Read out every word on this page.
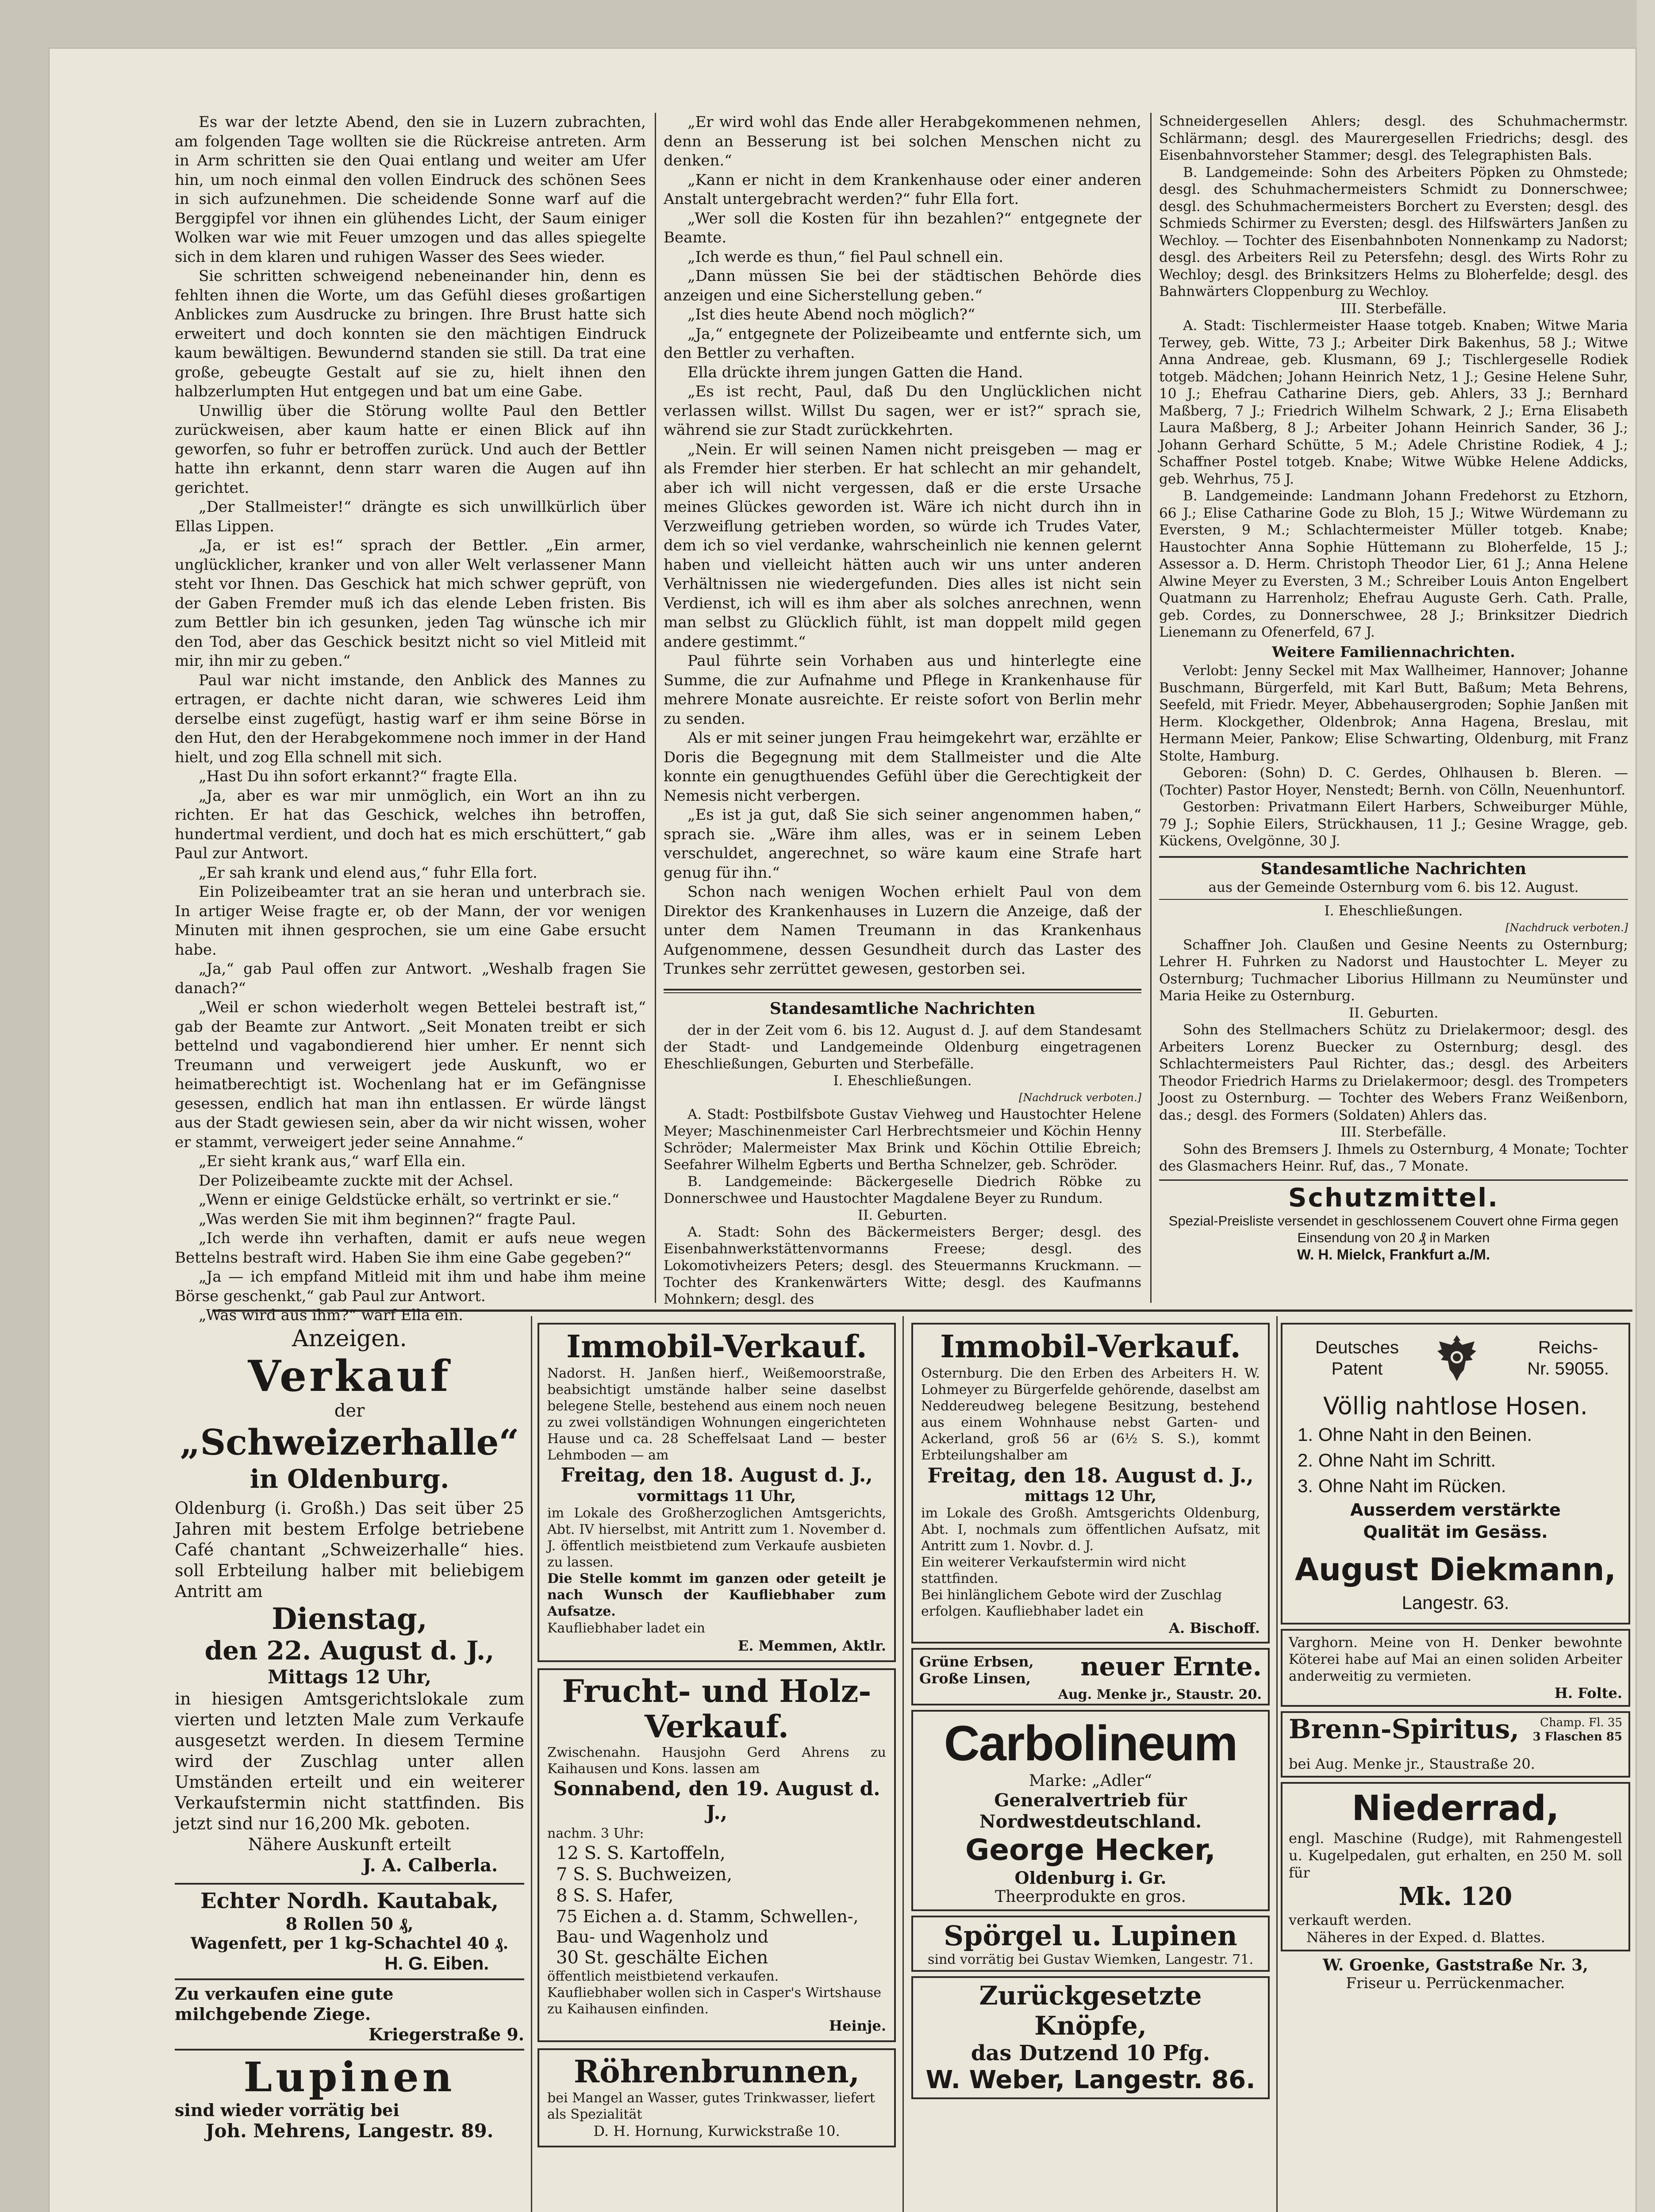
Es war der letzte Abend, den sie in Luzern zubrachten, am folgenden Tage wollten sie die Rückreise antreten. Arm in Arm schritten sie den Quai entlang und weiter am Ufer hin, um noch einmal den vollen Eindruck des schönen Sees in sich aufzunehmen. Die scheidende Sonne warf auf die Berggipfel vor ihnen ein glühendes Licht, der Saum einiger Wolken war wie mit Feuer umzogen und das alles spiegelte sich in dem klaren und ruhigen Wasser des Sees wieder.

Sie schritten schweigend nebeneinander hin, denn es fehlten ihnen die Worte, um das Gefühl dieses großartigen Anblickes zum Ausdrucke zu bringen. Ihre Brust hatte sich erweitert und doch konnten sie den mächtigen Eindruck kaum bewältigen. Bewundernd standen sie still. Da trat eine große, gebeugte Gestalt auf sie zu, hielt ihnen den halbzerlumpten Hut entgegen und bat um eine Gabe.

Unwillig über die Störung wollte Paul den Bettler zurückweisen, aber kaum hatte er einen Blick auf ihn geworfen, so fuhr er betroffen zurück. Und auch der Bettler hatte ihn erkannt, denn starr waren die Augen auf ihn gerichtet.

„Der Stallmeister!“ drängte es sich unwillkürlich über Ellas Lippen.

„Ja, er ist es!“ sprach der Bettler. „Ein armer, unglücklicher, kranker und von aller Welt verlassener Mann steht vor Ihnen. Das Geschick hat mich schwer geprüft, von der Gaben Fremder muß ich das elende Leben fristen. Bis zum Bettler bin ich gesunken, jeden Tag wünsche ich mir den Tod, aber das Geschick besitzt nicht so viel Mitleid mit mir, ihn mir zu geben.“

Paul war nicht imstande, den Anblick des Mannes zu ertragen, er dachte nicht daran, wie schweres Leid ihm derselbe einst zugefügt, hastig warf er ihm seine Börse in den Hut, den der Herabgekommene noch immer in der Hand hielt, und zog Ella schnell mit sich.

„Hast Du ihn sofort erkannt?“ fragte Ella.

„Ja, aber es war mir unmöglich, ein Wort an ihn zu richten. Er hat das Geschick, welches ihn betroffen, hundertmal verdient, und doch hat es mich erschüttert,“ gab Paul zur Antwort.

„Er sah krank und elend aus,“ fuhr Ella fort.

Ein Polizeibeamter trat an sie heran und unterbrach sie. In artiger Weise fragte er, ob der Mann, der vor wenigen Minuten mit ihnen gesprochen, sie um eine Gabe ersucht habe.

„Ja,“ gab Paul offen zur Antwort. „Weshalb fragen Sie danach?“

„Weil er schon wiederholt wegen Bettelei bestraft ist,“ gab der Beamte zur Antwort. „Seit Monaten treibt er sich bettelnd und vagabondierend hier umher. Er nennt sich Treumann und verweigert jede Auskunft, wo er heimatberechtigt ist. Wochenlang hat er im Gefängnisse gesessen, endlich hat man ihn entlassen. Er würde längst aus der Stadt gewiesen sein, aber da wir nicht wissen, woher er stammt, verweigert jeder seine Annahme.“

„Er sieht krank aus,“ warf Ella ein.

Der Polizeibeamte zuckte mit der Achsel.

„Wenn er einige Geldstücke erhält, so vertrinkt er sie.“

„Was werden Sie mit ihm beginnen?“ fragte Paul.

„Ich werde ihn verhaften, damit er aufs neue wegen Bettelns bestraft wird. Haben Sie ihm eine Gabe gegeben?“

„Ja — ich empfand Mitleid mit ihm und habe ihm meine Börse geschenkt,“ gab Paul zur Antwort.

„Was wird aus ihm?“ warf Ella ein.

„Er wird wohl das Ende aller Herabgekommenen nehmen, denn an Besserung ist bei solchen Menschen nicht zu denken.“

„Kann er nicht in dem Krankenhause oder einer anderen Anstalt untergebracht werden?“ fuhr Ella fort.

„Wer soll die Kosten für ihn bezahlen?“ entgegnete der Beamte.

„Ich werde es thun,“ fiel Paul schnell ein.

„Dann müssen Sie bei der städtischen Behörde dies anzeigen und eine Sicherstellung geben.“

„Ist dies heute Abend noch möglich?“

„Ja,“ entgegnete der Polizeibeamte und entfernte sich, um den Bettler zu verhaften.

Ella drückte ihrem jungen Gatten die Hand.

„Es ist recht, Paul, daß Du den Unglücklichen nicht verlassen willst. Willst Du sagen, wer er ist?“ sprach sie, während sie zur Stadt zurückkehrten.

„Nein. Er will seinen Namen nicht preisgeben — mag er als Fremder hier sterben. Er hat schlecht an mir gehandelt, aber ich will nicht vergessen, daß er die erste Ursache meines Glückes geworden ist. Wäre ich nicht durch ihn in Verzweiflung getrieben worden, so würde ich Trudes Vater, dem ich so viel verdanke, wahrscheinlich nie kennen gelernt haben und vielleicht hätten auch wir uns unter anderen Verhältnissen nie wiedergefunden. Dies alles ist nicht sein Verdienst, ich will es ihm aber als solches anrechnen, wenn man selbst zu Glücklich fühlt, ist man doppelt mild gegen andere gestimmt.“

Paul führte sein Vorhaben aus und hinterlegte eine Summe, die zur Aufnahme und Pflege in Krankenhause für mehrere Monate ausreichte. Er reiste sofort von Berlin mehr zu senden.

Als er mit seiner jungen Frau heimgekehrt war, erzählte er Doris die Begegnung mit dem Stallmeister und die Alte konnte ein genugthuendes Gefühl über die Gerechtigkeit der Nemesis nicht verbergen.

„Es ist ja gut, daß Sie sich seiner angenommen haben,“ sprach sie. „Wäre ihm alles, was er in seinem Leben verschuldet, angerechnet, so wäre kaum eine Strafe hart genug für ihn.“

Schon nach wenigen Wochen erhielt Paul von dem Direktor des Krankenhauses in Luzern die Anzeige, daß der unter dem Namen Treumann in das Krankenhaus Aufgenommene, dessen Gesundheit durch das Laster des Trunkes sehr zerrüttet gewesen, gestorben sei.

Standesamtliche Nachrichten

der in der Zeit vom 6. bis 12. August d. J. auf dem Standesamt der Stadt- und Landgemeinde Oldenburg eingetragenen Eheschließungen, Geburten und Sterbefälle.

I. Eheschließungen.
[Nachdruck verboten.]

A. Stadt: Postbilfsbote Gustav Viehweg und Haustochter Helene Meyer; Maschinenmeister Carl Herbrechtsmeier und Köchin Henny Schröder; Malermeister Max Brink und Köchin Ottilie Ebreich; Seefahrer Wilhelm Egberts und Bertha Schnelzer, geb. Schröder.

B. Landgemeinde: Bäckergeselle Diedrich Röbke zu Donnerschwee und Haustochter Magdalene Beyer zu Rundum.

II. Geburten.

A. Stadt: Sohn des Bäckermeisters Berger; desgl. des Eisenbahnwerkstättenvormanns Freese; desgl. des Lokomotivheizers Peters; desgl. des Steuermanns Kruckmann. — Tochter des Krankenwärters Witte; desgl. des Kaufmanns Mohnkern; desgl. des

Schneidergesellen Ahlers; desgl. des Schuhmachermstr. Schlärmann; desgl. des Maurergesellen Friedrichs; desgl. des Eisenbahnvorsteher Stammer; desgl. des Telegraphisten Bals.

B. Landgemeinde: Sohn des Arbeiters Pöpken zu Ohmstede; desgl. des Schuhmachermeisters Schmidt zu Donnerschwee; desgl. des Schuhmachermeisters Borchert zu Eversten; desgl. des Schmieds Schirmer zu Eversten; desgl. des Hilfswärters Janßen zu Wechloy. — Tochter des Eisenbahnboten Nonnenkamp zu Nadorst; desgl. des Arbeiters Reil zu Petersfehn; desgl. des Wirts Rohr zu Wechloy; desgl. des Brinksitzers Helms zu Bloherfelde; desgl. des Bahnwärters Cloppenburg zu Wechloy.

III. Sterbefälle.

A. Stadt: Tischlermeister Haase totgeb. Knaben; Witwe Maria Terwey, geb. Witte, 73 J.; Arbeiter Dirk Bakenhus, 58 J.; Witwe Anna Andreae, geb. Klusmann, 69 J.; Tischlergeselle Rodiek totgeb. Mädchen; Johann Heinrich Netz, 1 J.; Gesine Helene Suhr, 10 J.; Ehefrau Catharine Diers, geb. Ahlers, 33 J.; Bernhard Maßberg, 7 J.; Friedrich Wilhelm Schwark, 2 J.; Erna Elisabeth Laura Maßberg, 8 J.; Arbeiter Johann Heinrich Sander, 36 J.; Johann Gerhard Schütte, 5 M.; Adele Christine Rodiek, 4 J.; Schaffner Postel totgeb. Knabe; Witwe Wübke Helene Addicks, geb. Wehrhus, 75 J.

B. Landgemeinde: Landmann Johann Fredehorst zu Etzhorn, 66 J.; Elise Catharine Gode zu Bloh, 15 J.; Witwe Würdemann zu Eversten, 9 M.; Schlachtermeister Müller totgeb. Knabe; Haustochter Anna Sophie Hüttemann zu Bloherfelde, 15 J.; Assessor a. D. Herm. Christoph Theodor Lier, 61 J.; Anna Helene Alwine Meyer zu Eversten, 3 M.; Schreiber Louis Anton Engelbert Quatmann zu Harrenholz; Ehefrau Auguste Gerh. Cath. Pralle, geb. Cordes, zu Donnerschwee, 28 J.; Brinksitzer Diedrich Lienemann zu Ofenerfeld, 67 J.

Weitere Familiennachrichten.

Verlobt: Jenny Seckel mit Max Wallheimer, Hannover; Johanne Buschmann, Bürgerfeld, mit Karl Butt, Baßum; Meta Behrens, Seefeld, mit Friedr. Meyer, Abbehausergroden; Sophie Janßen mit Herm. Klockgether, Oldenbrok; Anna Hagena, Breslau, mit Hermann Meier, Pankow; Elise Schwarting, Oldenburg, mit Franz Stolte, Hamburg.

Geboren: (Sohn) D. C. Gerdes, Ohlhausen b. Bleren. — (Tochter) Pastor Hoyer, Nenstedt; Bernh. von Cölln, Neuenhuntorf.

Gestorben: Privatmann Eilert Harbers, Schweiburger Mühle, 79 J.; Sophie Eilers, Strückhausen, 11 J.; Gesine Wragge, geb. Kückens, Ovelgönne, 30 J.

Standesamtliche Nachrichten
aus der Gemeinde Osternburg vom 6. bis 12. August.
I. Eheschließungen.
[Nachdruck verboten.]

Schaffner Joh. Claußen und Gesine Neents zu Osternburg; Lehrer H. Fuhrken zu Nadorst und Haustochter L. Meyer zu Osternburg; Tuchmacher Liborius Hillmann zu Neumünster und Maria Heike zu Osternburg.

II. Geburten.

Sohn des Stellmachers Schütz zu Drielakermoor; desgl. des Arbeiters Lorenz Buecker zu Osternburg; desgl. des Schlachtermeisters Paul Richter, das.; desgl. des Arbeiters Theodor Friedrich Harms zu Drielakermoor; desgl. des Trompeters Joost zu Osternburg. — Tochter des Webers Franz Weißenborn, das.; desgl. des Formers (Soldaten) Ahlers das.

III. Sterbefälle.

Sohn des Bremsers J. Ihmels zu Osternburg, 4 Monate; Tochter des Glasmachers Heinr. Ruf, das., 7 Monate.

Schutzmittel.
Spezial-Preisliste versendet in geschlossenem Couvert ohne Firma gegen Einsendung von 20 ₰ in Marken
W. H. Mielck, Frankfurt a./M.
Anzeigen.
Verkauf
der
„Schweizerhalle“
in Oldenburg.
Oldenburg (i. Großh.) Das seit über 25 Jahren mit bestem Erfolge betriebene Café chantant „Schweizerhalle“ hies. soll Erbteilung halber mit beliebigem Antritt am
Dienstag,
den 22. August d. J.,
Mittags 12 Uhr,
in hiesigen Amtsgerichtslokale zum vierten und letzten Male zum Verkaufe ausgesetzt werden. In diesem Termine wird der Zuschlag unter allen Umständen erteilt und ein weiterer Verkaufstermin nicht stattfinden. Bis jetzt sind nur 16,200 Mk. geboten.
Nähere Auskunft erteilt
J. A. Calberla.
Echter Nordh. Kautabak,
8 Rollen 50 ₰,
Wagenfett, per 1 kg-Schachtel 40 ₰.
H. G. Eiben.
Zu verkaufen eine gute milchgebende Ziege.
Kriegerstraße 9.
Lupinen
sind wieder vorrätig bei
Joh. Mehrens, Langestr. 89.
Immobil-Verkauf.
Nadorst. H. Janßen hierf., Weißemoorstraße, beabsichtigt umstände halber seine daselbst belegene Stelle, bestehend aus einem noch neuen zu zwei vollständigen Wohnungen eingerichteten Hause und ca. 28 Scheffelsaat Land — bester Lehmboden — am
Freitag, den 18. August d. J.,
vormittags 11 Uhr,
im Lokale des Großherzoglichen Amtsgerichts, Abt. IV hierselbst, mit Antritt zum 1. November d. J. öffentlich meistbietend zum Verkaufe ausbieten zu lassen.
Die Stelle kommt im ganzen oder geteilt je nach Wunsch der Kaufliebhaber zum Aufsatze.
Kaufliebhaber ladet ein
E. Memmen, Aktlr.
Frucht- und Holz-
Verkauf.
Zwischenahn. Hausjohn Gerd Ahrens zu Kaihausen und Kons. lassen am
Sonnabend, den 19. August d. J.,
nachm. 3 Uhr:
12 S. S. Kartoffeln,
7 S. S. Buchweizen,
8 S. S. Hafer,
75 Eichen a. d. Stamm, Schwellen-, Bau- und Wagenholz und
30 St. geschälte Eichen
öffentlich meistbietend verkaufen.
Kaufliebhaber wollen sich in Casper's Wirtshause zu Kaihausen einfinden.
Heinje.
Röhrenbrunnen,
bei Mangel an Wasser, gutes Trinkwasser, liefert als Spezialität
D. H. Hornung, Kurwickstraße 10.
Immobil-Verkauf.
Osternburg. Die den Erben des Arbeiters H. W. Lohmeyer zu Bürgerfelde gehörende, daselbst am Neddereudweg belegene Besitzung, bestehend aus einem Wohnhause nebst Garten- und Ackerland, groß 56 ar (6½ S. S.), kommt Erbteilungshalber am
Freitag, den 18. August d. J.,
mittags 12 Uhr,
im Lokale des Großh. Amtsgerichts Oldenburg, Abt. I, nochmals zum öffentlichen Aufsatz, mit Antritt zum 1. Novbr. d. J.
Ein weiterer Verkaufstermin wird nicht stattfinden.
Bei hinlänglichem Gebote wird der Zuschlag erfolgen. Kaufliebhaber ladet ein
A. Bischoff.
Grüne Erbsen,
Große Linsen, neuer Ernte.
Aug. Menke jr., Staustr. 20.
Carbolineum
Marke: „Adler“
Generalvertrieb für Nordwestdeutschland.
George Hecker,
Oldenburg i. Gr.
Theerprodukte en gros.
Spörgel u. Lupinen
sind vorrätig bei Gustav Wiemken, Langestr. 71.
Zurückgesetzte Knöpfe,
das Dutzend 10 Pfg.
W. Weber, Langestr. 86.
Deutsches
Patent
Reichs-
Nr. 59055.
Völlig nahtlose Hosen.
1. Ohne Naht in den Beinen.
2. Ohne Naht im Schritt.
3. Ohne Naht im Rücken.
Ausserdem verstärkte Qualität im Gesäss.
August Diekmann,
Langestr. 63.
Varghorn. Meine von H. Denker bewohnte Köterei habe auf Mai an einen soliden Arbeiter anderweitig zu vermieten.
H. Folte.
Brenn-Spiritus,	Champ. Fl. 35
3 Flaschen 85
bei Aug. Menke jr., Staustraße 20.
Niederrad,
engl. Maschine (Rudge), mit Rahmengestell u. Kugelpedalen, gut erhalten, en 250 M. soll für
Mk. 120
verkauft werden.
Näheres in der Exped. d. Blattes.
W. Groenke, Gaststraße Nr. 3,
Friseur u. Perrückenmacher.
